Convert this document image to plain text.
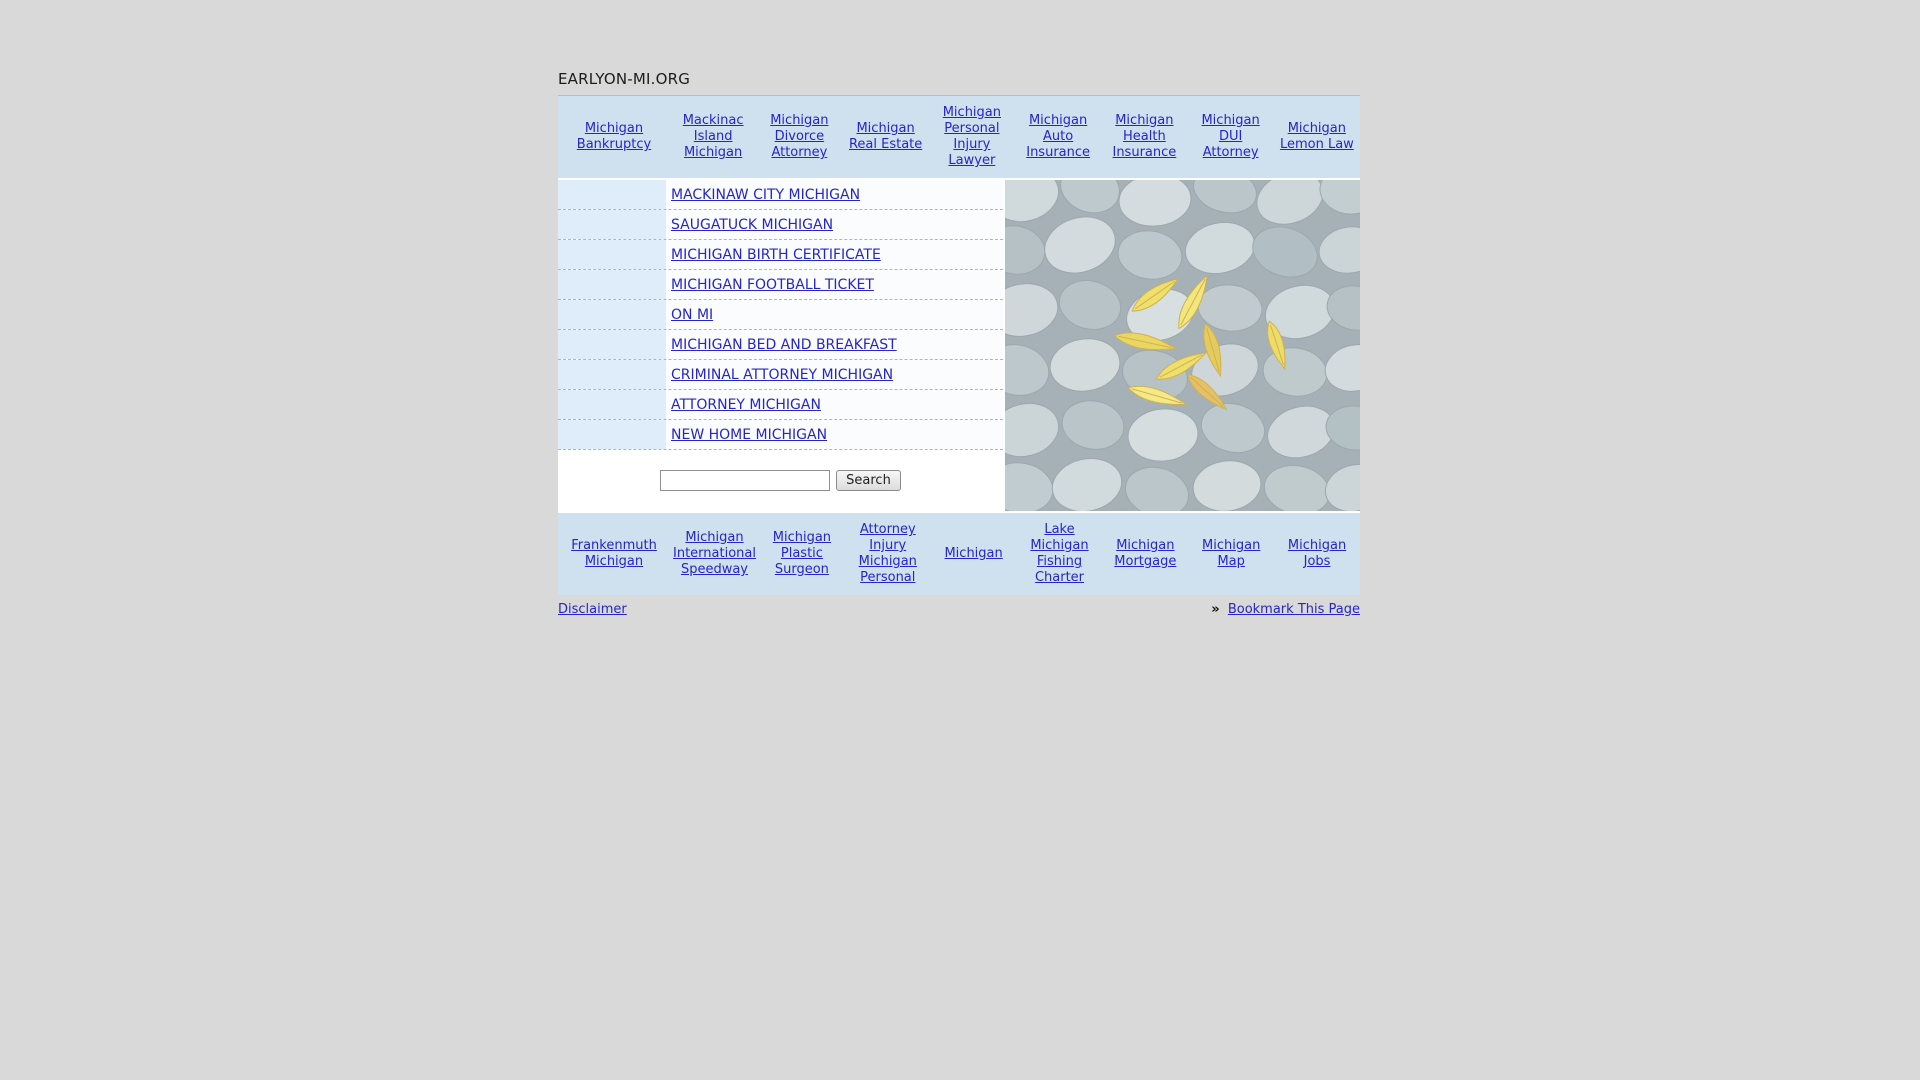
EARLYON-MI.ORG
Michigan Bankruptcy
Mackinac Island Michigan
Michigan Divorce Attorney
Michigan Real Estate
Michigan Personal Injury Lawyer
Michigan Auto Insurance
Michigan Health Insurance
Michigan DUI Attorney
Michigan Lemon Law
MACKINAW CITY MICHIGAN
SAUGATUCK MICHIGAN
MICHIGAN BIRTH CERTIFICATE
MICHIGAN FOOTBALL TICKET
ON MI
MICHIGAN BED AND BREAKFAST
CRIMINAL ATTORNEY MICHIGAN
ATTORNEY MICHIGAN
NEW HOME MICHIGAN
Search
Frankenmuth Michigan
Michigan International Speedway
Michigan Plastic Surgeon
Attorney Injury Michigan Personal
Michigan
Lake Michigan Fishing Charter
Michigan Mortgage
Michigan Map
Michigan Jobs
Disclaimer	» Bookmark This Page
